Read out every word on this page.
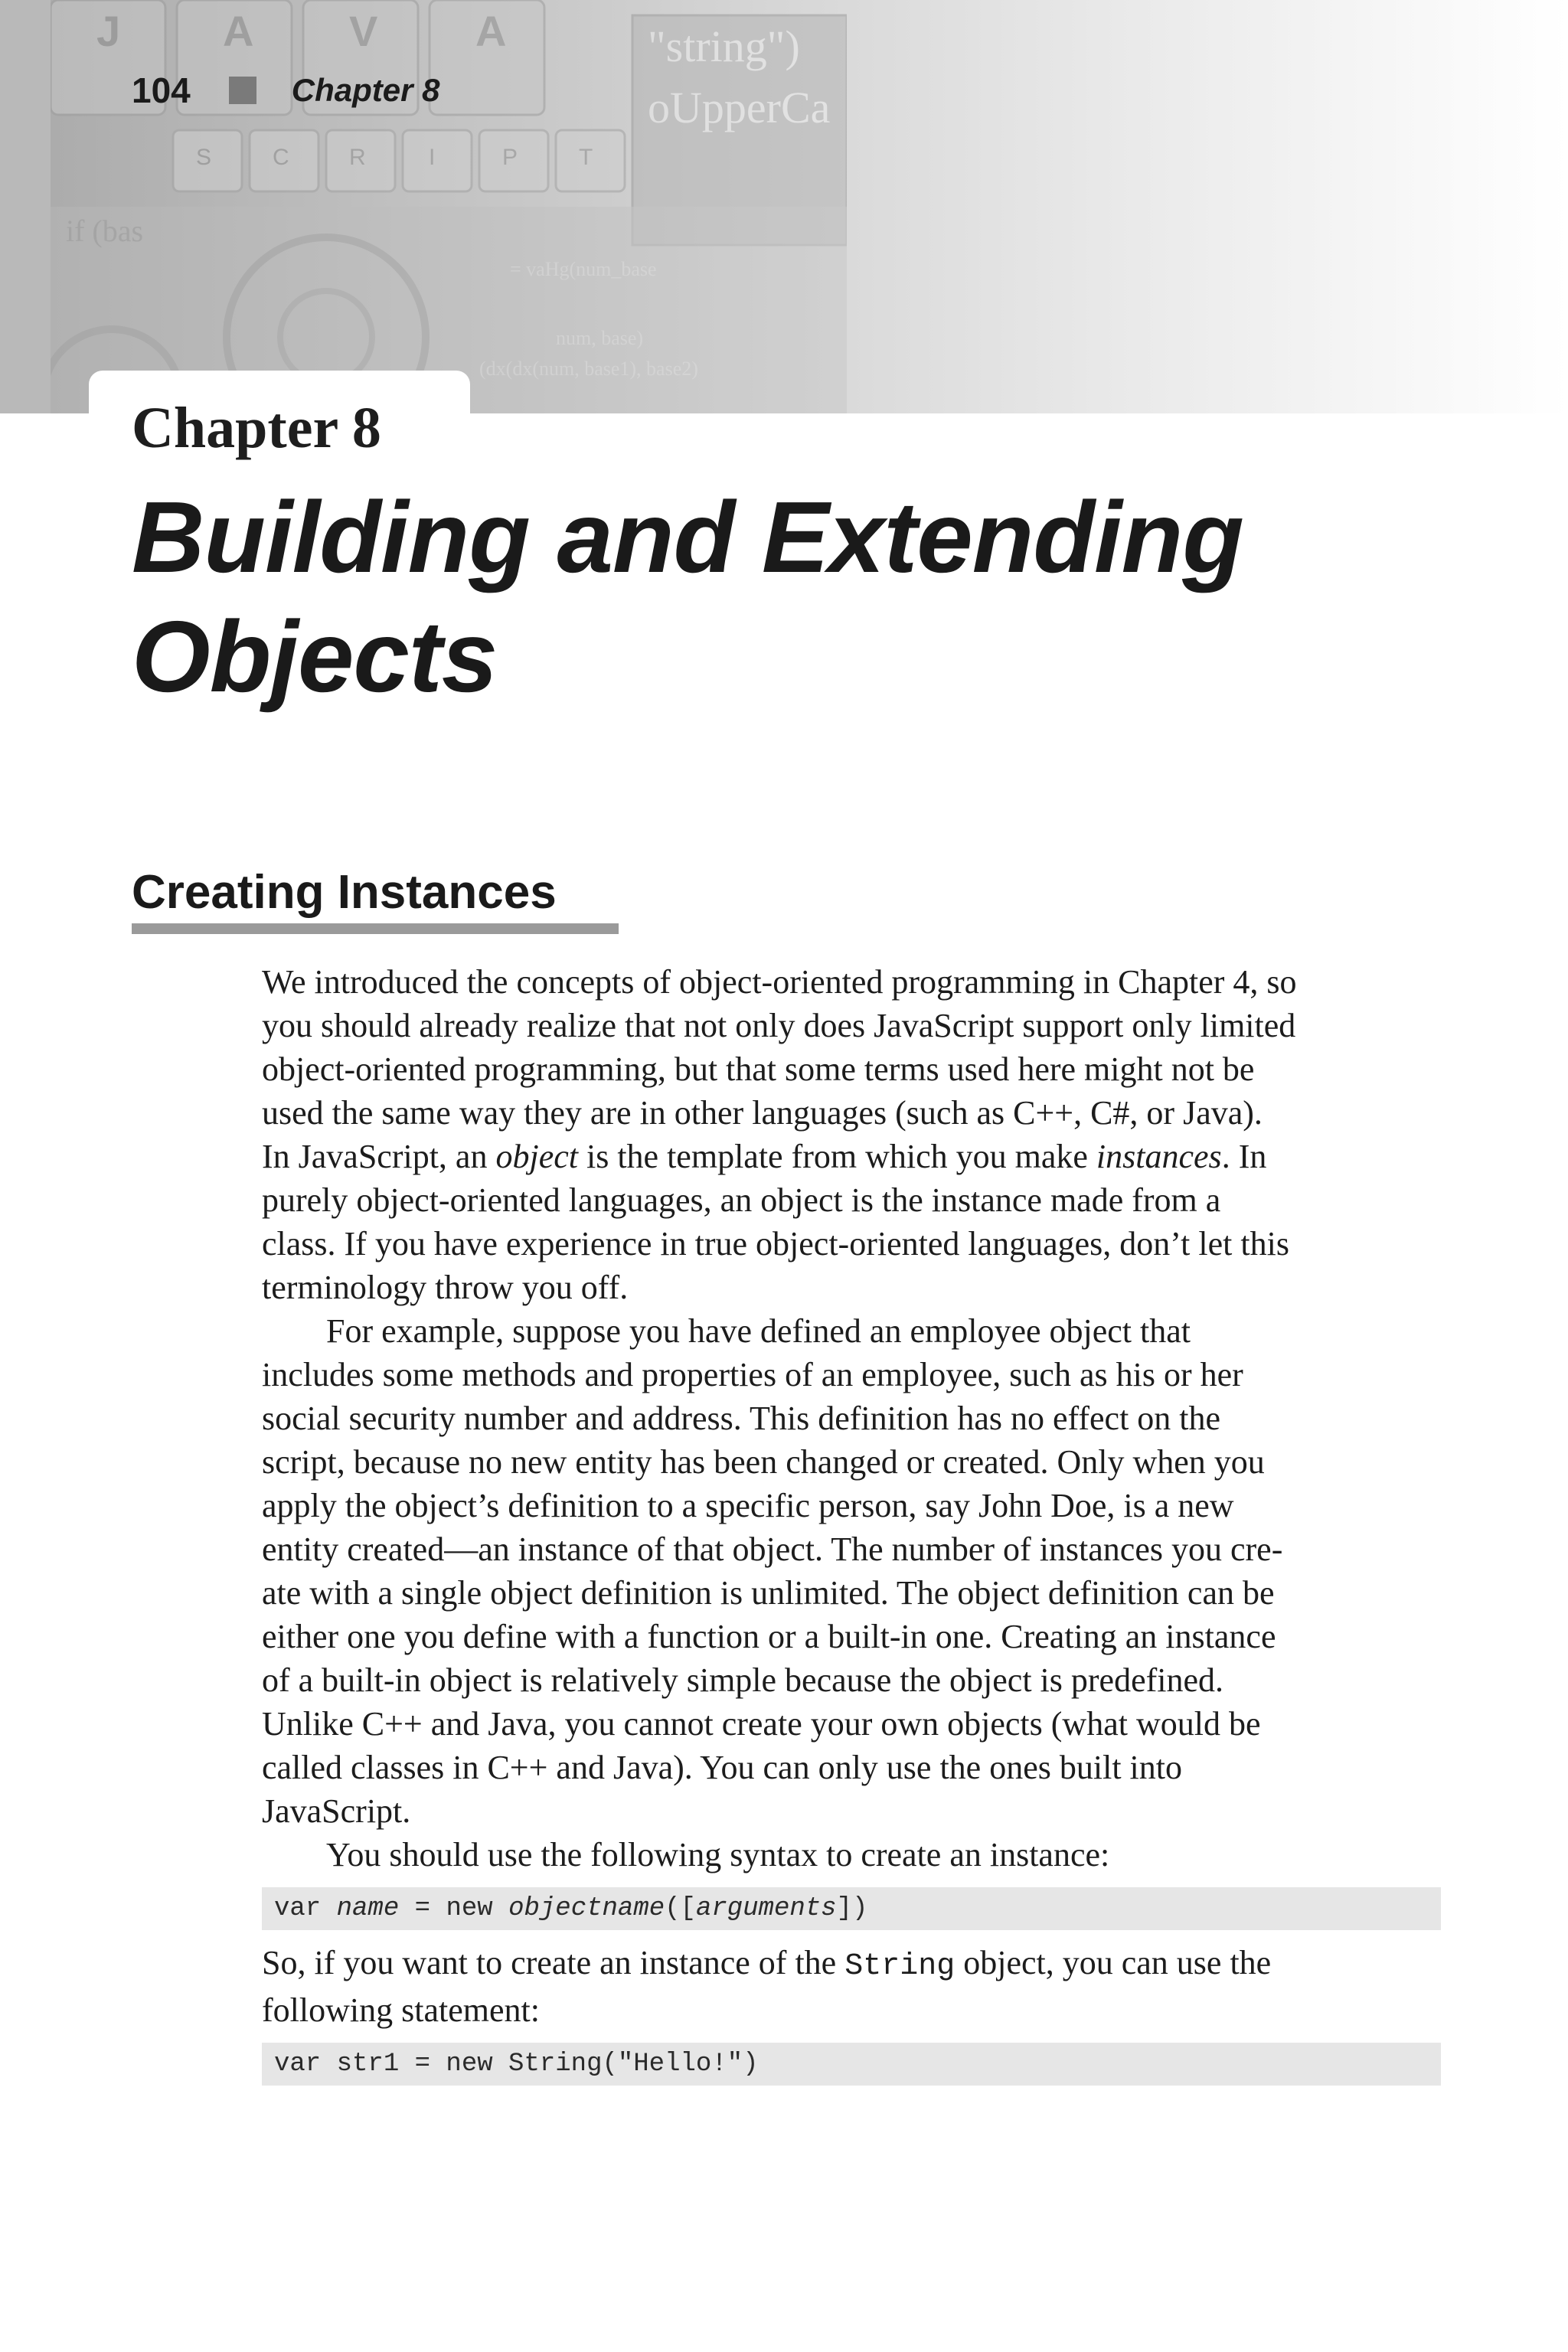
J A V A
S	C	R	I	P	T
"string")
oUpperCa
if (bas
= vaHg(num_base
num, base)
(dx(dx(num, base1), base2)
104	Chapter 8
Chapter 8
Building and Extending
Objects
Creating Instances

We introduced the concepts of object-oriented programming in Chapter 4, so
you should already realize that not only does JavaScript support only limited
object-oriented programming, but that some terms used here might not be
used the same way they are in other languages (such as C++, C#, or Java).
In JavaScript, an object is the template from which you make instances. In
purely object-oriented languages, an object is the instance made from a
class. If you have experience in true object-oriented languages, don’t let this
terminology throw you off.

For example, suppose you have defined an employee object that
includes some methods and properties of an employee, such as his or her
social security number and address. This definition has no effect on the
script, because no new entity has been changed or created. Only when you
apply the object’s definition to a specific person, say John Doe, is a new
entity created—an instance of that object. The number of instances you cre-
ate with a single object definition is unlimited. The object definition can be
either one you define with a function or a built-in one. Creating an instance
of a built-in object is relatively simple because the object is predefined.
Unlike C++ and Java, you cannot create your own objects (what would be
called classes in C++ and Java). You can only use the ones built into
JavaScript.

You should use the following syntax to create an instance:

var name = new objectname ([ arguments ])

So, if you want to create an instance of the String object, you can use the
following statement:

var str1 = new String("Hello!")
